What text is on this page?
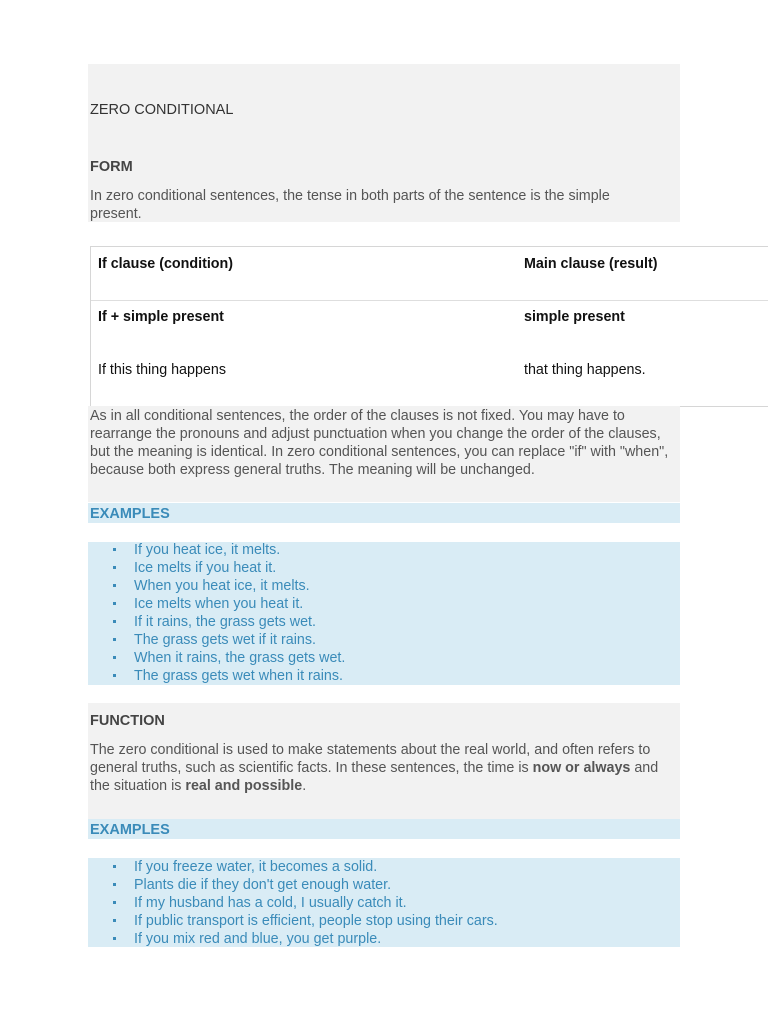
ZERO CONDITIONAL
FORM
In zero conditional sentences, the tense in both parts of the sentence is the simple present.
If clause (condition)	Main clause (result)
If + simple present	simple present
If this thing happens	that thing happens.
As in all conditional sentences, the order of the clauses is not fixed. You may have to rearrange the pronouns and adjust punctuation when you change the order of the clauses, but the meaning is identical. In zero conditional sentences, you can replace "if" with "when", because both express general truths. The meaning will be unchanged.
EXAMPLES
If you heat ice, it melts.
Ice melts if you heat it.
When you heat ice, it melts.
Ice melts when you heat it.
If it rains, the grass gets wet.
The grass gets wet if it rains.
When it rains, the grass gets wet.
The grass gets wet when it rains.
FUNCTION
The zero conditional is used to make statements about the real world, and often refers to general truths, such as scientific facts. In these sentences, the time is now or always and the situation is real and possible.
EXAMPLES
If you freeze water, it becomes a solid.
Plants die if they don't get enough water.
If my husband has a cold, I usually catch it.
If public transport is efficient, people stop using their cars.
If you mix red and blue, you get purple.
